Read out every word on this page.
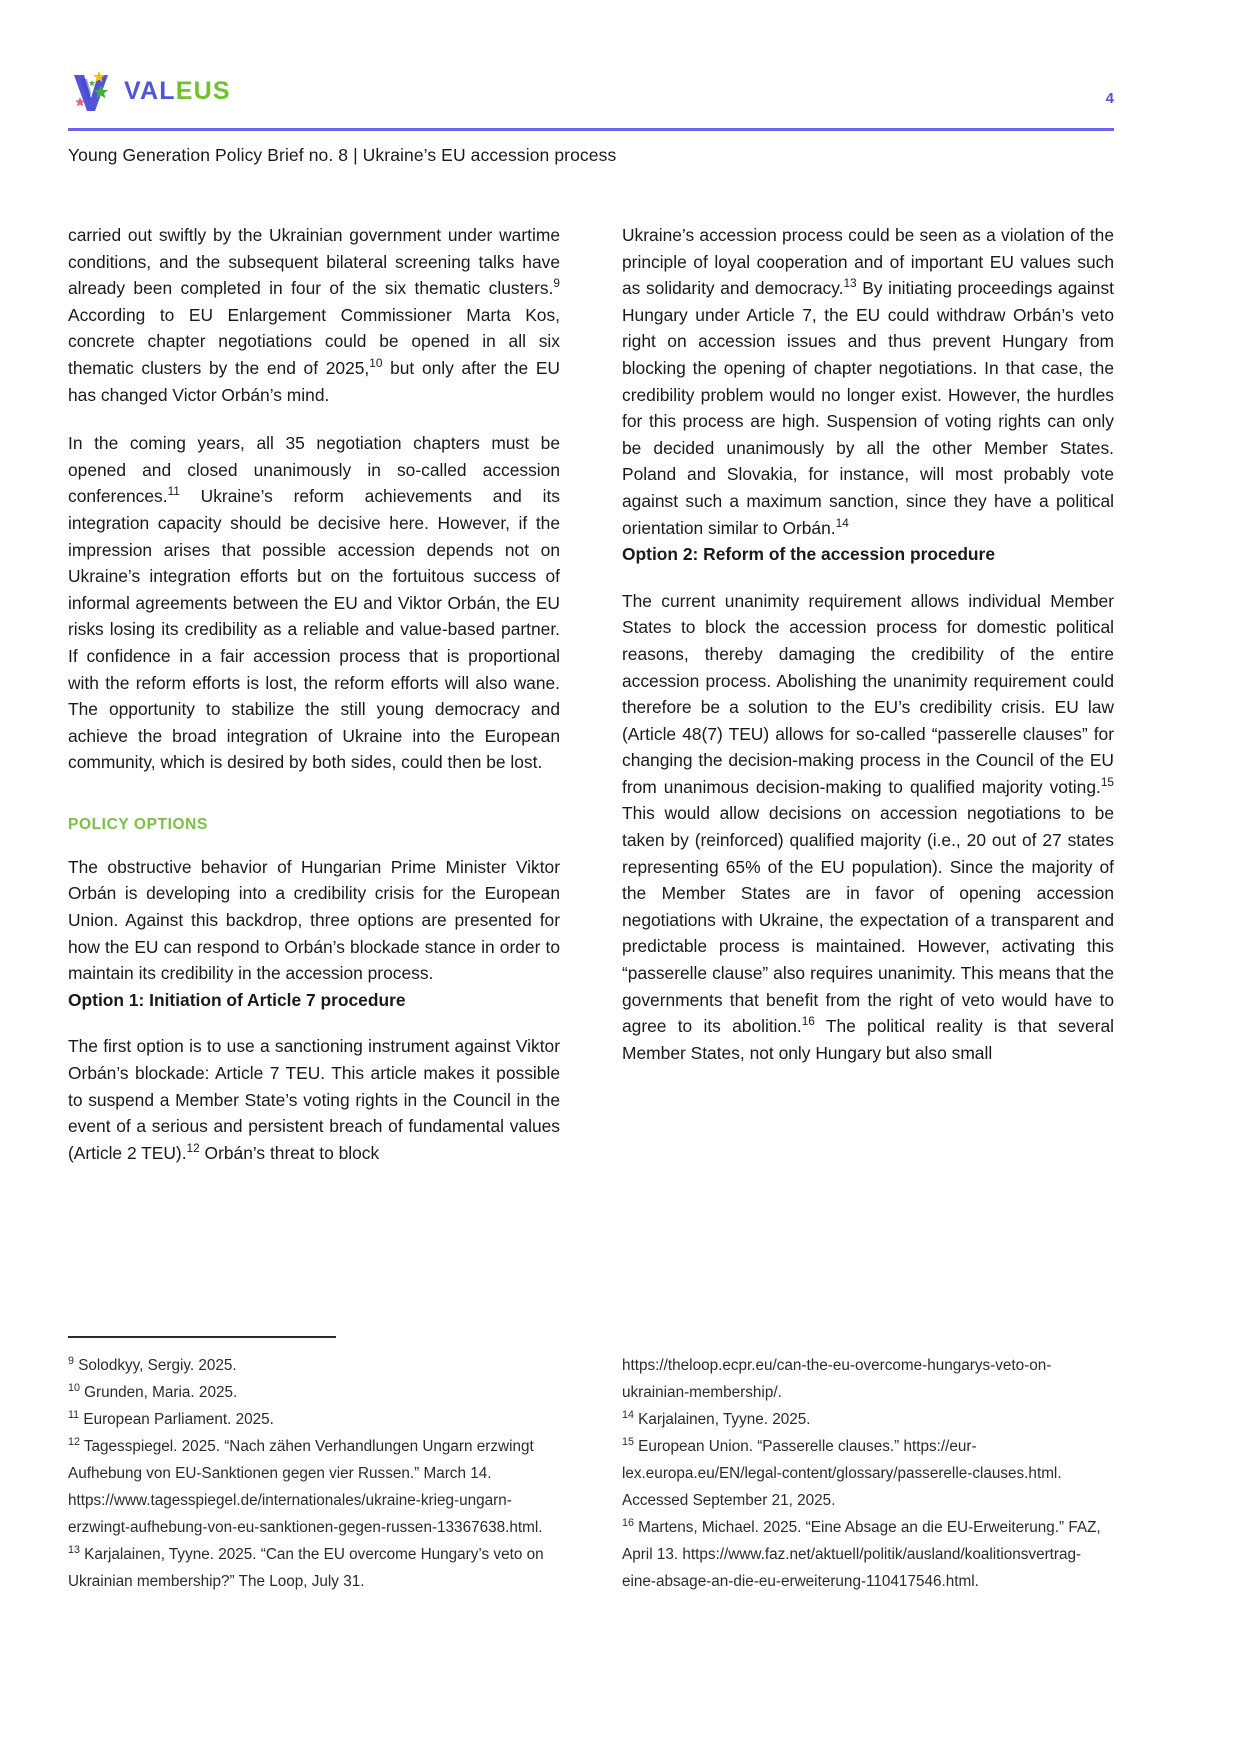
VALEUS	4
Young Generation Policy Brief no. 8 | Ukraine’s EU accession process

carried out swiftly by the Ukrainian government under wartime conditions, and the subsequent bilateral screening talks have already been completed in four of the six thematic clusters.$^9$ According to EU Enlargement Commissioner Marta Kos, concrete chapter negotiations could be opened in all six thematic clusters by the end of 2025,10 but only after the EU has changed Victor Orbán’s mind.

In the coming years, all 35 negotiation chapters must be opened and closed unanimously in so-called accession conferences.$^{11}$ Ukraine’s reform achievements and its integration capacity should be decisive here. However, if the impression arises that possible accession depends not on Ukraine’s integration efforts but on the fortuitous success of informal agreements between the EU and Viktor Orbán, the EU risks losing its credibility as a reliable and value-based partner. If confidence in a fair accession process that is proportional with the reform efforts is lost, the reform efforts will also wane. The opportunity to stabilize the still young democracy and achieve the broad integration of Ukraine into the European community, which is desired by both sides, could then be lost.

POLICY OPTIONS

The obstructive behavior of Hungarian Prime Minister Viktor Orbán is developing into a credibility crisis for the European Union. Against this backdrop, three options are presented for how the EU can respond to Orbán’s blockade stance in order to maintain its credibility in the accession process.

Option 1: Initiation of Article 7 procedure

The first option is to use a sanctioning instrument against Viktor Orbán’s blockade: Article 7 TEU. This article makes it possible to suspend a Member State’s voting rights in the Council in the event of a serious and persistent breach of fundamental values (Article 2 TEU).$^{12}$ Orbán’s threat to block

Ukraine’s accession process could be seen as a violation of the principle of loyal cooperation and of important EU values such as solidarity and democracy.$^{13}$ By initiating proceedings against Hungary under Article 7, the EU could withdraw Orbán’s veto right on accession issues and thus prevent Hungary from blocking the opening of chapter negotiations. In that case, the credibility problem would no longer exist. However, the hurdles for this process are high. Suspension of voting rights can only be decided unanimously by all the other Member States. Poland and Slovakia, for instance, will most probably vote against such a maximum sanction, since they have a political orientation similar to Orbán.$^{14}$

Option 2: Reform of the accession procedure

The current unanimity requirement allows individual Member States to block the accession process for domestic political reasons, thereby damaging the credibility of the entire accession process. Abolishing the unanimity requirement could therefore be a solution to the EU’s credibility crisis. EU law (Article 48(7) TEU) allows for so-called “passerelle clauses” for changing the decision-making process in the Council of the EU from unanimous decision-making to qualified majority voting.$^{15}$ This would allow decisions on accession negotiations to be taken by (reinforced) qualified majority (i.e., 20 out of 27 states representing 65% of the EU population). Since the majority of the Member States are in favor of opening accession negotiations with Ukraine, the expectation of a transparent and predictable process is maintained. However, activating this “passerelle clause” also requires unanimity. This means that the governments that benefit from the right of veto would have to agree to its abolition.$^{16}$ The political reality is that several Member States, not only Hungary but also small

$^9$ Solodkyy, Sergiy. 2025.

$^{10}$ Grunden, Maria. 2025.

$^{11}$ European Parliament. 2025.

$^{12}$ Tagesspiegel. 2025. “Nach zähen Verhandlungen Ungarn erzwingt Aufhebung von EU-Sanktionen gegen vier Russen.” March 14. https://www.tagesspiegel.de/internationales/ukraine-krieg-ungarn-erzwingt-aufhebung-von-eu-sanktionen-gegen-russen-13367638.html.

$^{13}$ Karjalainen, Tyyne. 2025. “Can the EU overcome Hungary’s veto on Ukrainian membership?” The Loop, July 31.

https://theloop.ecpr.eu/can-the-eu-overcome-hungarys-veto-on-ukrainian-membership/.

$^{14}$ Karjalainen, Tyyne. 2025.

$^{15}$ European Union. “Passerelle clauses.” https://eur-lex.europa.eu/EN/legal-content/glossary/passerelle-clauses.html. Accessed September 21, 2025.

$^{16}$ Martens, Michael. 2025. “Eine Absage an die EU-Erweiterung.” FAZ, April 13. https://www.faz.net/aktuell/politik/ausland/koalitionsvertrag-eine-absage-an-die-eu-erweiterung-110417546.html.
